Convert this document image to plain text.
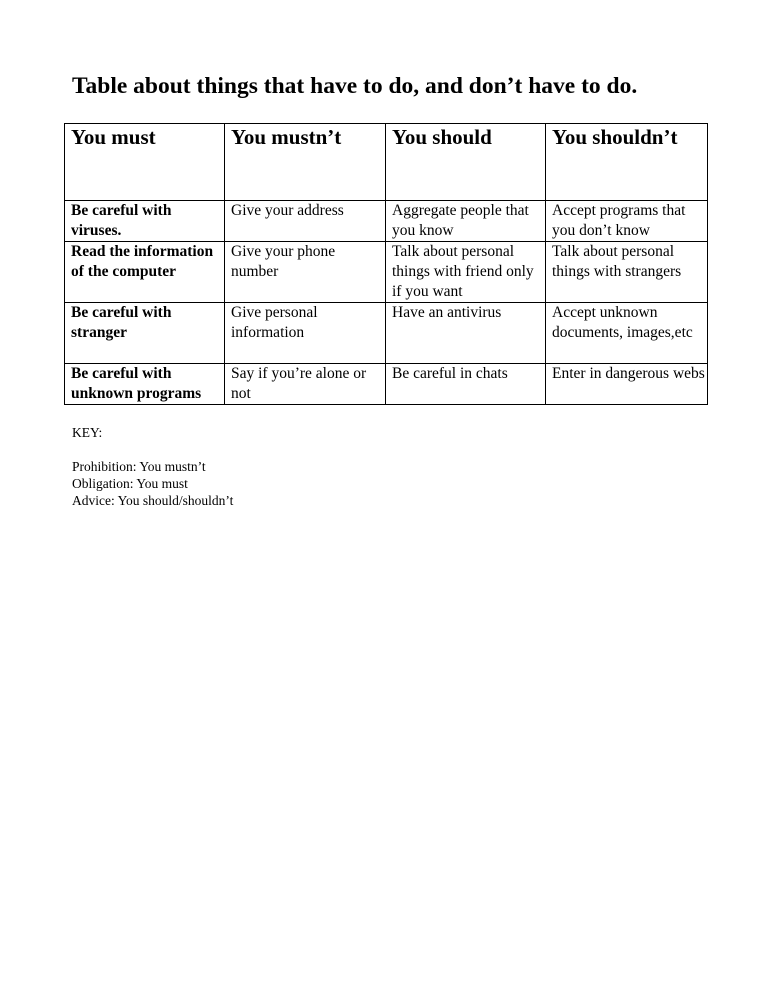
Table about things that have to do, and don’t have to do.
You must	You mustn’t	You should	You shouldn’t
Be careful with viruses.	Give your address	Aggregate people that you know	Accept programs that you don’t know
Read the information of the computer	Give your phone number	Talk about personal things with friend only if you want	Talk about personal things with strangers
Be careful with stranger	Give personal information	Have an antivirus	Accept unknown documents, images,etc
Be careful with unknown programs	Say if you’re alone or not	Be careful in chats	Enter in dangerous webs
KEY:
Prohibition: You mustn’t
Obligation: You must
Advice: You should/shouldn’t
